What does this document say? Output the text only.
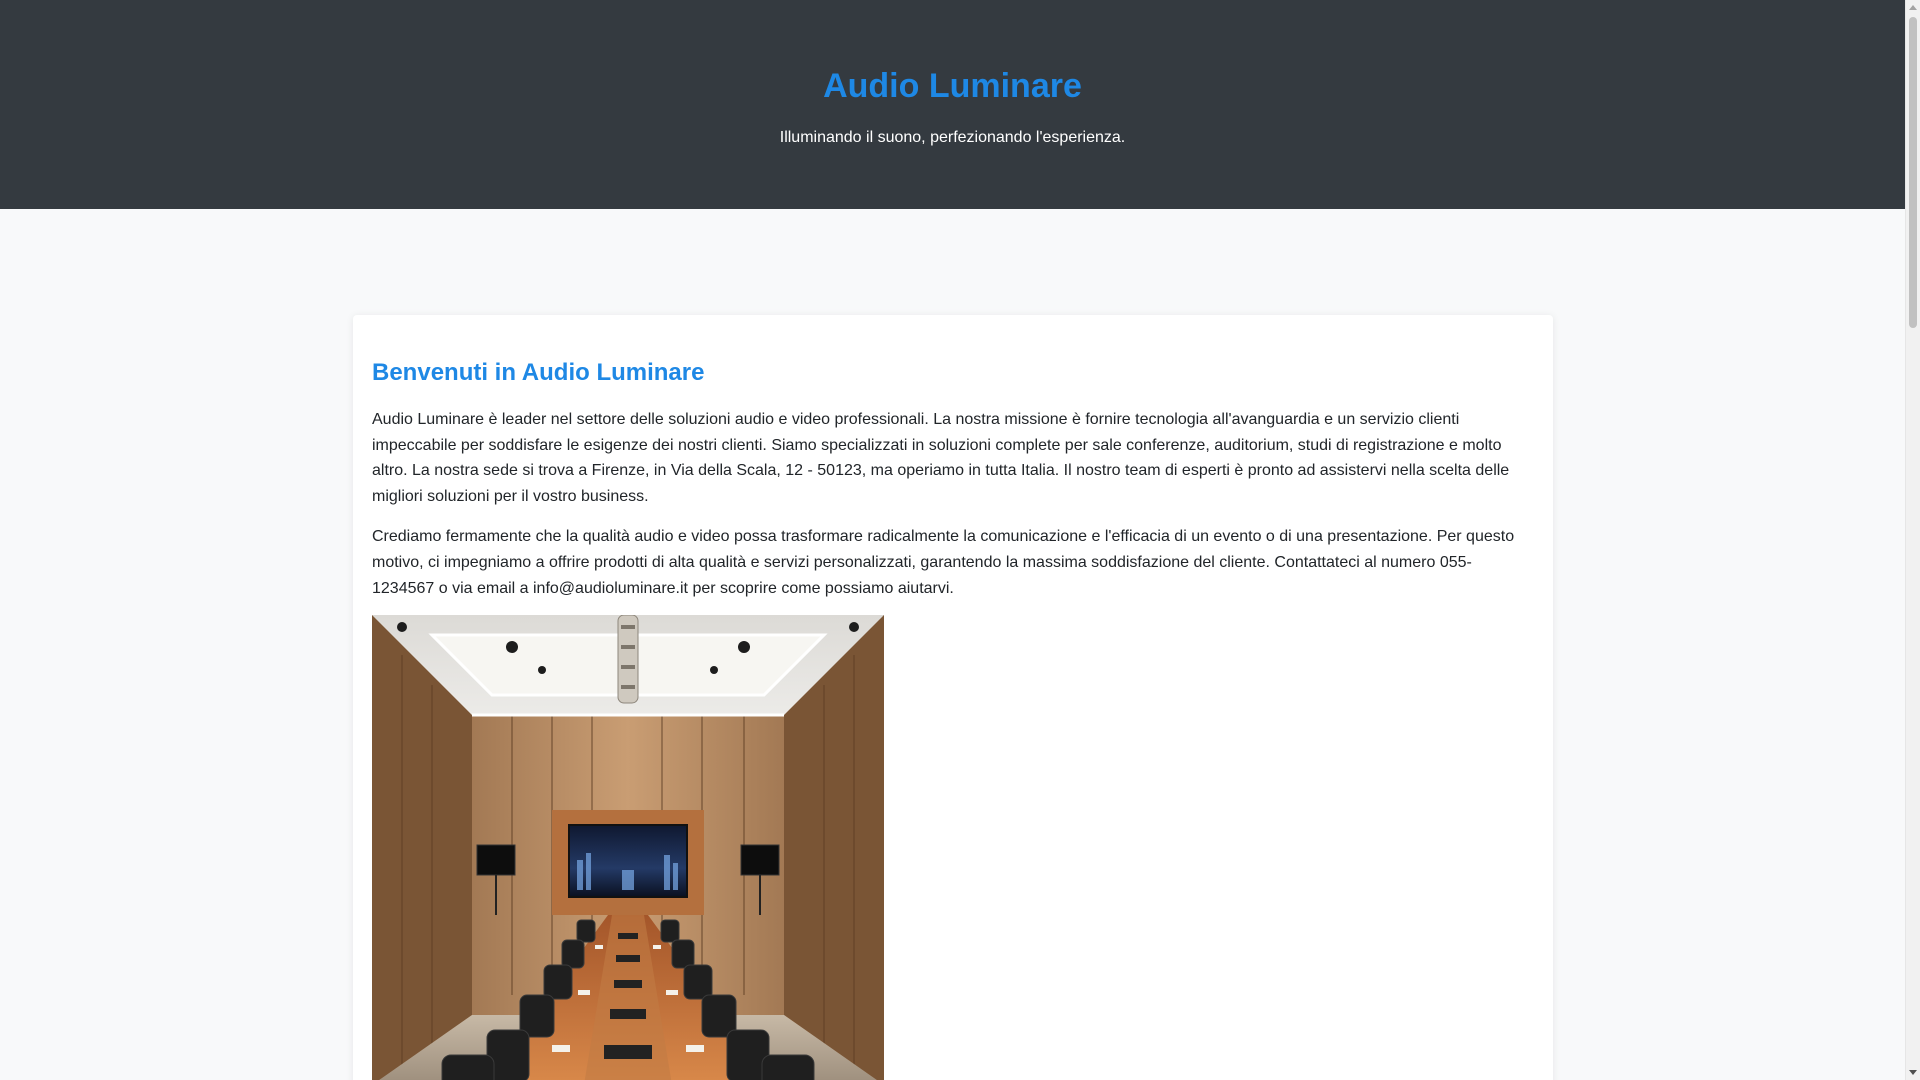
Audio Luminare

Illuminando il suono, perfezionando l'esperienza.

Benvenuti in Audio Luminare

Audio Luminare è leader nel settore delle soluzioni audio e video professionali. La nostra missione è fornire tecnologia all'avanguardia e un servizio clienti impeccabile per soddisfare le esigenze dei nostri clienti. Siamo specializzati in soluzioni complete per sale conferenze, auditorium, studi di registrazione e molto altro. La nostra sede si trova a Firenze, in Via della Scala, 12 - 50123, ma operiamo in tutta Italia. Il nostro team di esperti è pronto ad assistervi nella scelta delle migliori soluzioni per il vostro business.

Crediamo fermamente che la qualità audio e video possa trasformare radicalmente la comunicazione e l'efficacia di un evento o di una presentazione. Per questo motivo, ci impegniamo a offrire prodotti di alta qualità e servizi personalizzati, garantendo la massima soddisfazione del cliente. Contattateci al numero 055-1234567 o via email a info@audioluminare.it per scoprire come possiamo aiutarvi.
